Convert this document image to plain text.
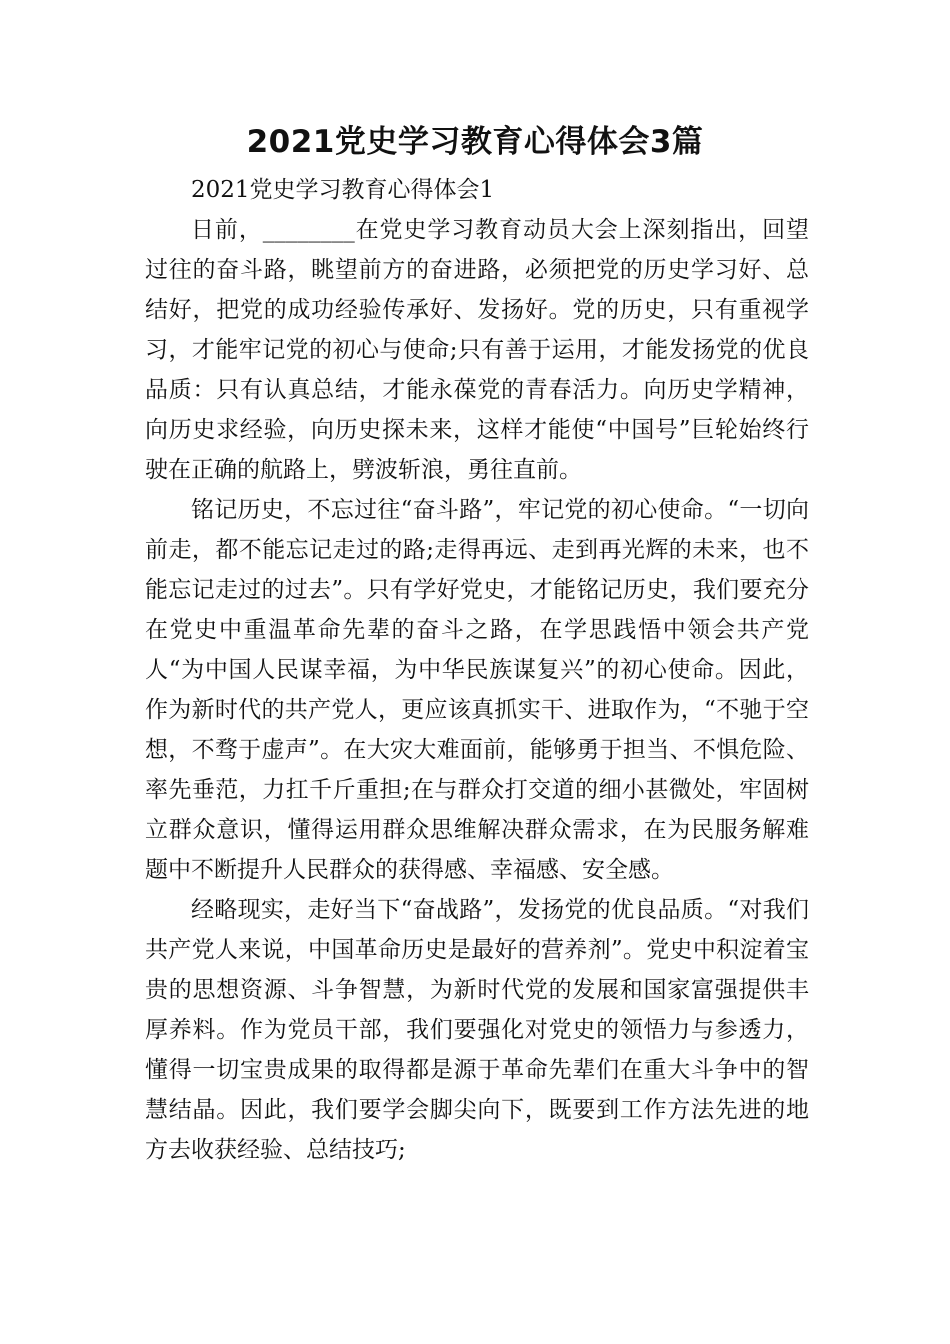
2021党史学习教育心得体会3篇

2021党史学习教育心得体会1

日前，________在党史学习教育动员大会上深刻指出，回望过往的奋斗路，眺望前方的奋进路，必须把党的历史学习好、总结好，把党的成功经验传承好、发扬好。党的历史，只有重视学习，才能牢记党的初心与使命;只有善于运用，才能发扬党的优良品质：只有认真总结，才能永葆党的青春活力。向历史学精神，向历史求经验，向历史探未来，这样才能使“中国号”巨轮始终行驶在正确的航路上，劈波斩浪，勇往直前。

铭记历史，不忘过往“奋斗路”，牢记党的初心使命。“一切向前走，都不能忘记走过的路;走得再远、走到再光辉的未来，也不能忘记走过的过去”。只有学好党史，才能铭记历史，我们要充分在党史中重温革命先辈的奋斗之路，在学思践悟中领会共产党人“为中国人民谋幸福，为中华民族谋复兴”的初心使命。因此，作为新时代的共产党人，更应该真抓实干、进取作为，“不驰于空想，不骛于虚声”。在大灾大难面前，能够勇于担当、不惧危险、率先垂范，力扛千斤重担;在与群众打交道的细小甚微处，牢固树立群众意识，懂得运用群众思维解决群众需求，在为民服务解难题中不断提升人民群众的获得感、幸福感、安全感。

经略现实，走好当下“奋战路”，发扬党的优良品质。“对我们共产党人来说，中国革命历史是最好的营养剂”。党史中积淀着宝贵的思想资源、斗争智慧，为新时代党的发展和国家富强提供丰厚养料。作为党员干部，我们要强化对党史的领悟力与参透力，懂得一切宝贵成果的取得都是源于革命先辈们在重大斗争中的智慧结晶。因此，我们要学会脚尖向下，既要到工作方法先进的地方去收获经验、总结技巧;
